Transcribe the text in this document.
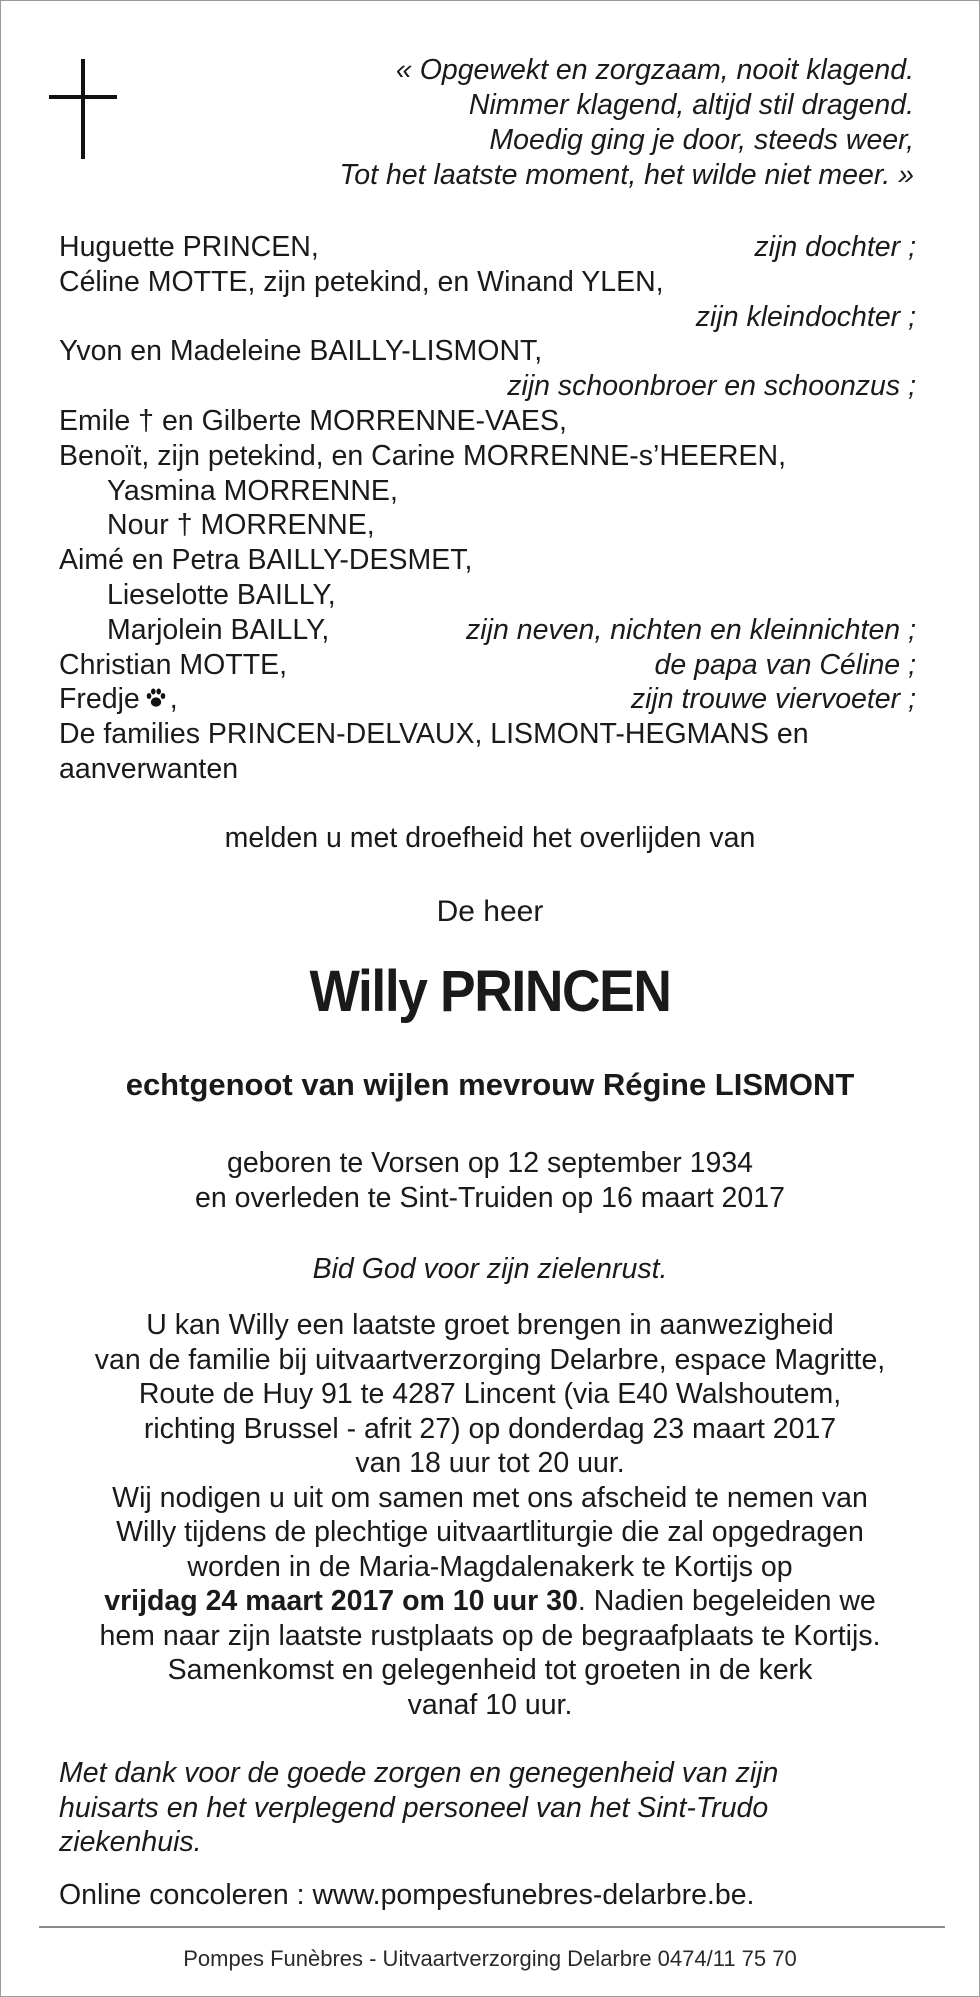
« Opgewekt en zorgzaam, nooit klagend.
Nimmer klagend, altijd stil dragend.
Moedig ging je door, steeds weer,
Tot het laatste moment, het wilde niet meer. »
Huguette PRINCEN,	zijn dochter ;
Céline MOTTE, zijn petekind, en Winand YLEN,
zijn kleindochter ;
Yvon en Madeleine BAILLY-LISMONT,
zijn schoonbroer en schoonzus ;
Emile † en Gilberte MORRENNE-VAES,
Benoït, zijn petekind, en Carine MORRENNE-s’HEEREN,
Yasmina MORRENNE,
Nour † MORRENNE,
Aimé en Petra BAILLY-DESMET,
Lieselotte BAILLY,
Marjolein BAILLY,	zijn neven, nichten en kleinnichten ;
Christian MOTTE,	de papa van Céline ;
Fredje ,	zijn trouwe viervoeter ;
De families PRINCEN-DELVAUX, LISMONT-HEGMANS en
aanverwanten
melden u met droefheid het overlijden van
De heer
Willy PRINCEN
echtgenoot van wijlen mevrouw Régine LISMONT
geboren te Vorsen op 12 september 1934
en overleden te Sint-Truiden op 16 maart 2017
Bid God voor zijn zielenrust.
U kan Willy een laatste groet brengen in aanwezigheid
van de familie bij uitvaartverzorging Delarbre, espace Magritte,
Route de Huy 91 te 4287 Lincent (via E40 Walshoutem,
richting Brussel - afrit 27) op donderdag 23 maart 2017
van 18 uur tot 20 uur.
Wij nodigen u uit om samen met ons afscheid te nemen van
Willy tijdens de plechtige uitvaartliturgie die zal opgedragen
worden in de Maria-Magdalenakerk te Kortijs op
vrijdag 24 maart 2017 om 10 uur 30. Nadien begeleiden we
hem naar zijn laatste rustplaats op de begraafplaats te Kortijs.
Samenkomst en gelegenheid tot groeten in de kerk
vanaf 10 uur.
Met dank voor de goede zorgen en genegenheid van zijn
huisarts en het verplegend personeel van het Sint-Trudo
ziekenhuis.
Online concoleren : www.pompesfunebres-delarbre.be.
Pompes Funèbres - Uitvaartverzorging Delarbre 0474/11 75 70
